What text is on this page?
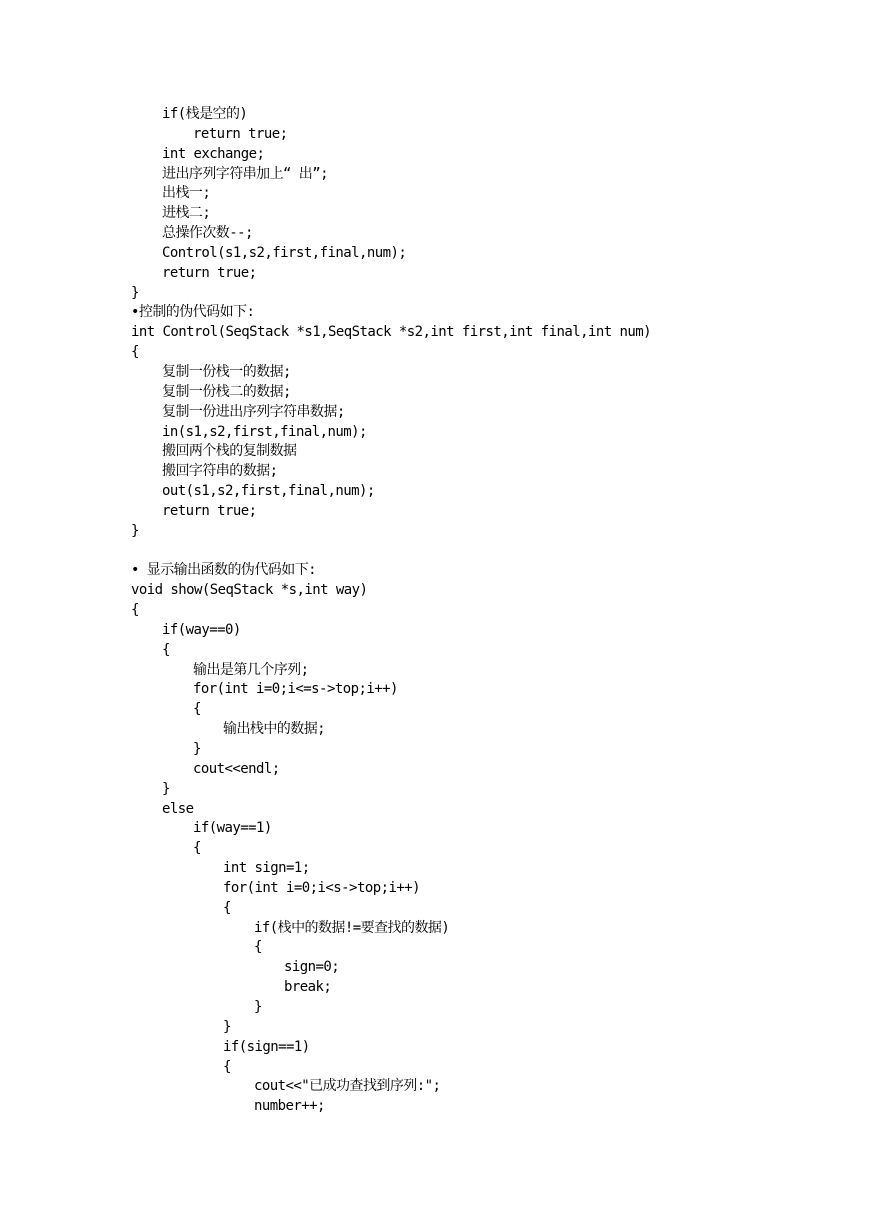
if(栈是空的)
return true;
int exchange;
进出序列字符串加上“ 出”;
出栈一;
进栈二;
总操作次数--;
Control(s1,s2,first,final,num);
return true;
}
•控制的伪代码如下:
int Control(SeqStack *s1,SeqStack *s2,int first,int final,int num)
{
复制一份栈一的数据;
复制一份栈二的数据;
复制一份进出序列字符串数据;
in(s1,s2,first,final,num);
搬回两个栈的复制数据
搬回字符串的数据;
out(s1,s2,first,final,num);
return true;
}
• 显示输出函数的伪代码如下:
void show(SeqStack *s,int way)
{
if(way==0)
{
输出是第几个序列;
for(int i=0;i<=s->top;i++)
{
输出栈中的数据;
}
cout<<endl;
}
else
if(way==1)
{
int sign=1;
for(int i=0;i<s->top;i++)
{
if(栈中的数据!=要查找的数据)
{
sign=0;
break;
}
}
if(sign==1)
{
cout<<"已成功查找到序列:";
number++;
